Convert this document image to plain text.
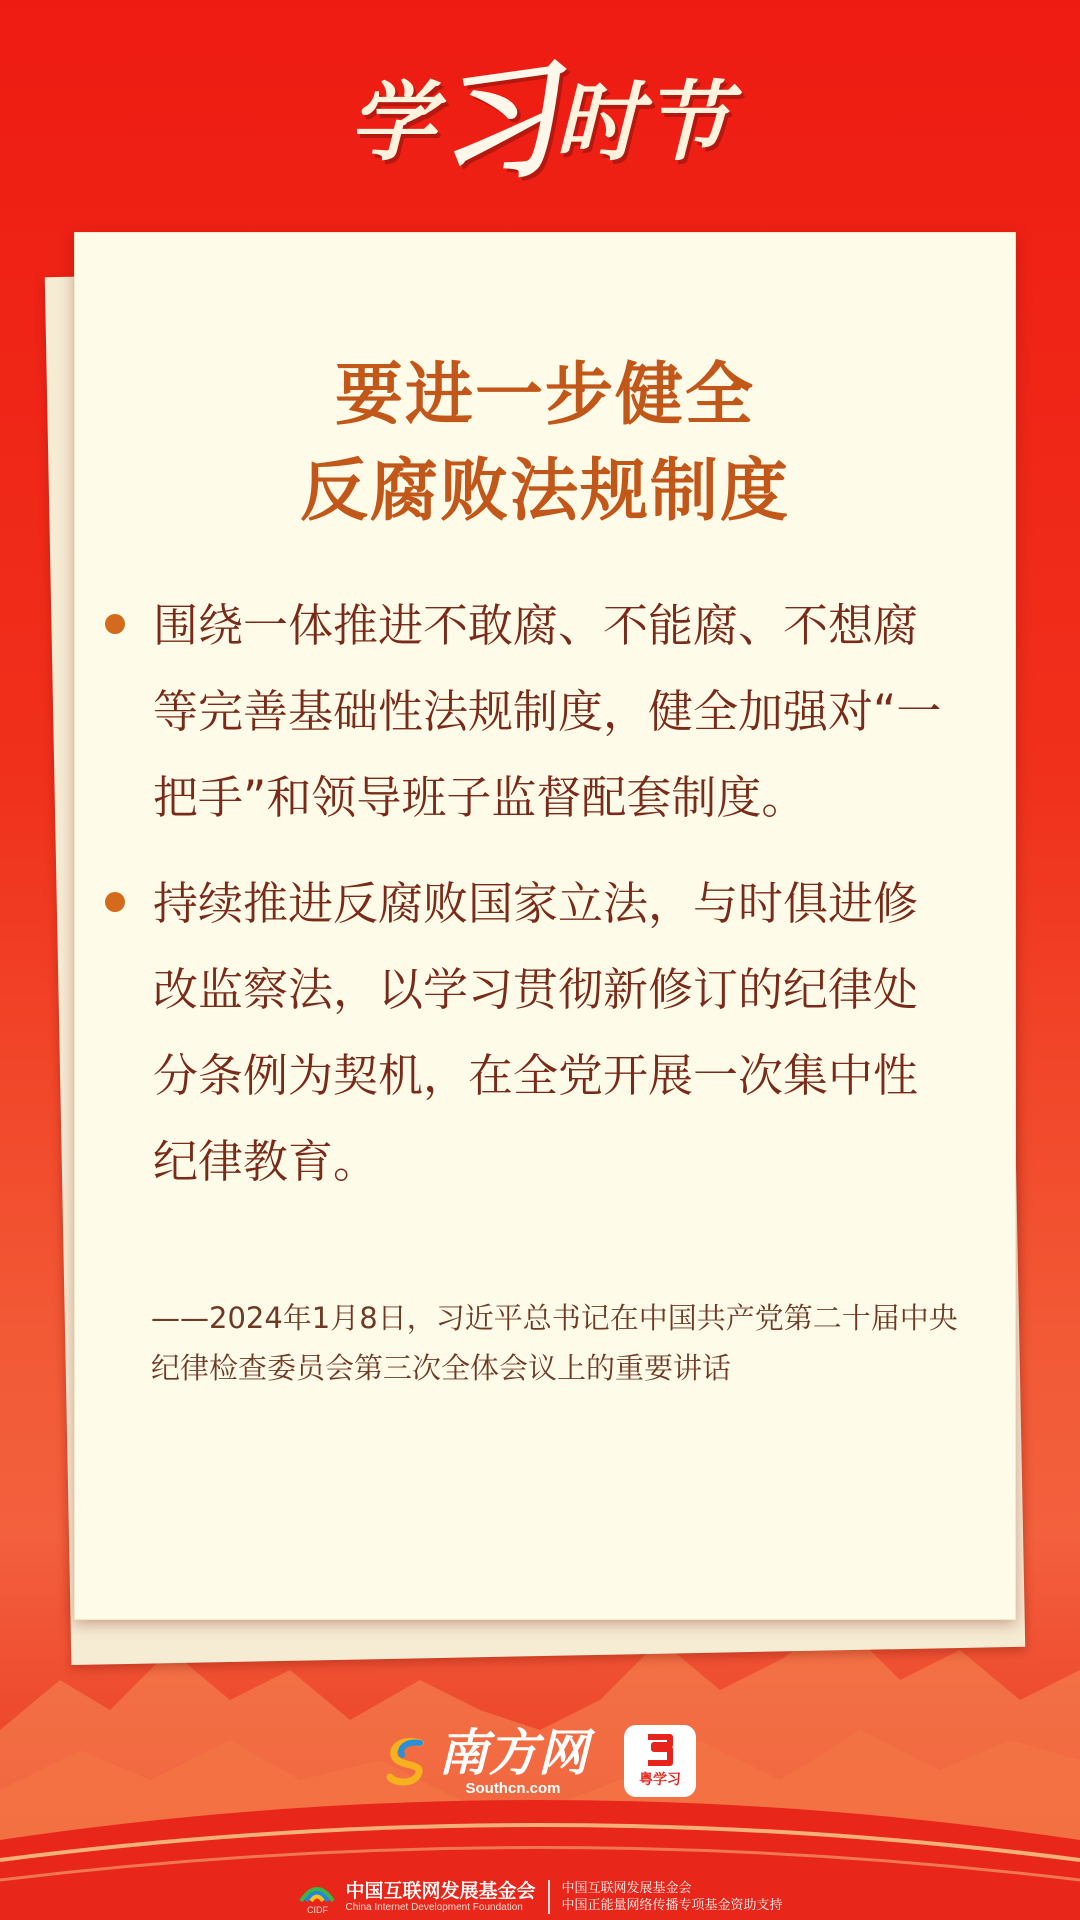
学
习
时 节
要进一步健全
反腐败法规制度
围绕一体推进不敢腐、不能腐、不想腐等完善基础性法规制度，健全加强对“一把手”和领导班子监督配套制度。
持续推进反腐败国家立法，与时俱进修改监察法，以学习贯彻新修订的纪律处分条例为契机，在全党开展一次集中性纪律教育。
——2024年1月8日，习近平总书记在中国共产党第二十届中央纪律检查委员会第三次全体会议上的重要讲话
南方网
Southcn.com	粤学习
CIDF
中国互联网发展基金会
China Internet Development Foundation
中国互联网发展基金会
中国正能量网络传播专项基金资助支持
